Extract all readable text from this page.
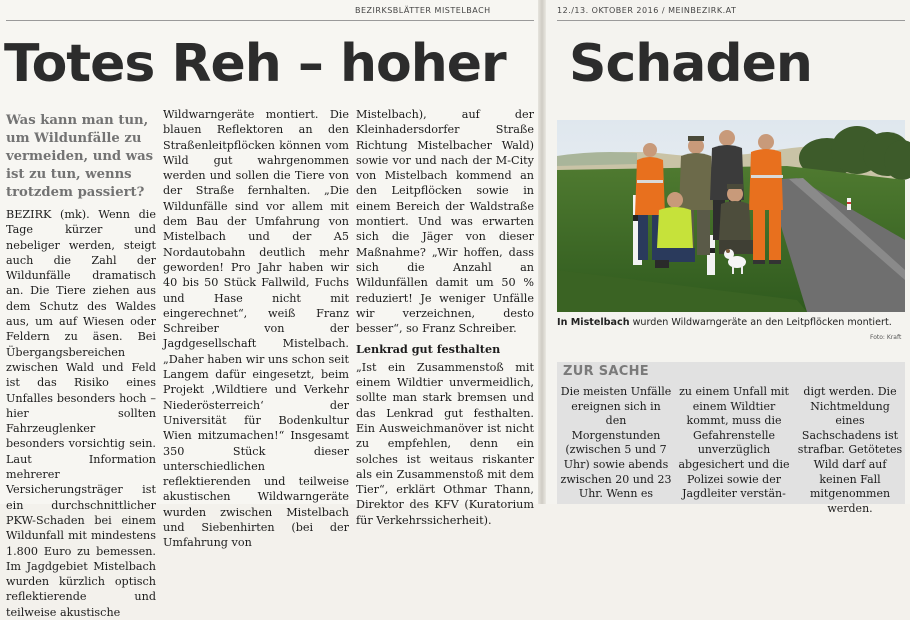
BEZIRKSBLÄTTER MISTELBACH	12./13. OKTOBER 2016 / MEINBEZIRK.AT
Totes Reh – hoher Schaden
Was kann man tun, um Wildunfälle zu vermeiden, und was ist zu tun, wenns trotzdem passiert?

BEZIRK (mk). Wenn die Tage kürzer und nebeliger werden, steigt auch die Zahl der Wildunfälle dramatisch an. Die Tiere ziehen aus dem Schutz des Waldes aus, um auf Wiesen oder Feldern zu äsen. Bei Übergangsbereichen zwischen Wald und Feld ist das Risiko eines Unfalles besonders hoch – hier sollten Fahrzeuglenker besonders vorsichtig sein. Laut Information mehrerer Versicherungsträger ist ein durchschnittlicher PKW-Schaden bei einem Wildunfall mit mindestens 1.800 Euro zu bemessen. Im Jagdgebiet Mistelbach wurden kürzlich optisch reflektierende und teilweise akustische

Wildwarngeräte montiert. Die blauen Reflektoren an den Straßenleitpflöcken können vom Wild gut wahrgenommen werden und sollen die Tiere von der Straße fernhalten. „Die Wildunfälle sind vor allem mit dem Bau der Umfahrung von Mistelbach und der A5 Nordautobahn deutlich mehr geworden! Pro Jahr haben wir 40 bis 50 Stück Fallwild, Fuchs und Hase nicht mit eingerechnet“, weiß Franz Schreiber von der Jagdgesellschaft Mistelbach. „Daher haben wir uns schon seit Langem dafür eingesetzt, beim Projekt ‚Wildtiere und Verkehr Niederösterreich‘ der Universität für Bodenkultur Wien mitzumachen!“ Insgesamt 350 Stück dieser unterschiedlichen reflektierenden und teilweise akustischen Wildwarngeräte wurden zwischen Mistelbach und Siebenhirten (bei der Umfahrung von

Mistelbach), auf der Kleinhadersdorfer Straße Richtung Mistelbacher Wald) sowie vor und nach der M-City von Mistelbach kommend an den Leitpflöcken sowie in einem Bereich der Waldstraße montiert. Und was erwarten sich die Jäger von dieser Maßnahme? „Wir hoffen, dass sich die Anzahl an Wildunfällen damit um 50 % reduziert! Je weniger Unfälle wir verzeichnen, desto besser“, so Franz Schreiber.

Lenkrad gut festhalten

„Ist ein Zusammenstoß mit einem Wildtier unvermeidlich, sollte man stark bremsen und das Lenkrad gut festhalten. Ein Ausweichmanöver ist nicht zu empfehlen, denn ein solches ist weitaus riskanter als ein Zusammenstoß mit dem Tier“, erklärt Othmar Thann, Direktor des KFV (Kuratorium für Verkehrssicherheit).

In Mistelbach wurden Wildwarngeräte an den Leitpflöcken montiert.
Foto: Kraft
ZUR SACHE
Die meisten Unfälle ereignen sich in den Morgenstunden (zwischen 5 und 7 Uhr) sowie abends zwischen 20 und 23 Uhr. Wenn es
zu einem Unfall mit einem Wildtier kommt, muss die Gefahrenstelle unverzüglich abgesichert und die Polizei sowie der Jagdleiter verstän-
digt werden. Die Nichtmeldung eines Sachschadens ist strafbar. Getötetes Wild darf auf keinen Fall mitgenommen werden.
